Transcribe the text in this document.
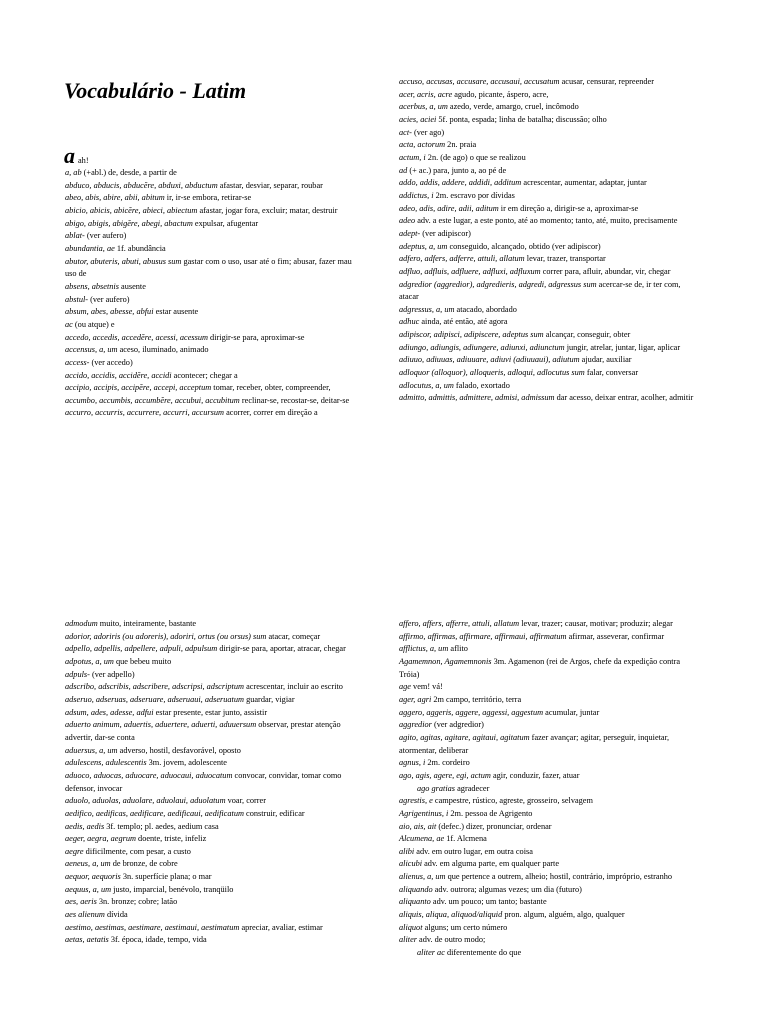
Vocabulário - Latim
aah!
a, ab (+abl.) de, desde, a partir de
abduco, abducis, abducĕre, abduxi, abductum afastar, desviar, separar, roubar
abeo, abis, abire, abii, abitum ir, ir-se embora, retirar-se
abicio, abicis, abicĕre, abieci, abiectum afastar, jogar fora, excluir; matar, destruir
abigo, abigis, abigĕre, abegi, abactum expulsar, afugentar
ablat- (ver aufero)
abundantia, ae 1f. abundância
abutor, abuteris, abuti, abusus sum gastar com o uso, usar até o fim; abusar, fazer mau uso de
absens, absetnis ausente
abstul- (ver aufero)
absum, abes, abesse, abfui estar ausente
ac (ou atque) e
accedo, accedis, accedĕre, acessi, acessum dirigir-se para, aproximar-se
accensus, a, um aceso, iluminado, animado
access- (ver accedo)
accido, accidis, accidĕre, accidi acontecer; chegar a
accipio, accipis, accipĕre, accepi, acceptum tomar, receber, obter, compreender,
accumbo, accumbis, accumbĕre, accubui, accubitum reclinar-se, recostar-se, deitar-se
accurro, accurris, accurrere, accurri, accursum acorrer, correr em direção a
accuso, accusas, accusare, accusaui, accusatum acusar, censurar, repreender
acer, acris, acre agudo, picante, áspero, acre,
acerbus, a, um azedo, verde, amargo, cruel, incômodo
acies, aciei 5f. ponta, espada; linha de batalha; discussão; olho
act- (ver ago)
acta, actorum 2n. praia
actum, i 2n. (de ago) o que se realizou
ad (+ ac.) para, junto a, ao pé de
addo, addis, addere, addidi, additum acrescentar, aumentar, adaptar, juntar
addictus, i 2m. escravo por dívidas
adeo, adis, adire, adii, aditum ir em direção a, dirigir-se a, aproximar-se
adeo adv. a este lugar, a este ponto, até ao momento; tanto, até, muito, precisamente
adept- (ver adipiscor)
adeptus, a, um conseguido, alcançado, obtido (ver adipiscor)
adfero, adfers, adferre, attuli, allatum levar, trazer, transportar
adfluo, adfluis, adfluere, adfluxi, adfluxum correr para, afluir, abundar, vir, chegar
adgredior (aggredior), adgredieris, adgredi, adgressus sum acercar-se de, ir ter com, atacar
adgressus, a, um atacado, abordado
adhuc ainda, até então, até agora
adipiscor, adipisci, adipiscere, adeptus sum alcançar, conseguir, obter
adiungo, adiungis, adiungere, adiunxi, adiunctum jungir, atrelar, juntar, ligar, aplicar
adiuuo, adiuuas, adiuuare, adiuvi (adiuuaui), adiutum ajudar, auxiliar
adloquor (alloquor), alloqueris, adloqui, adlocutus sum falar, conversar
adlocutus, a, um falado, exortado
admitto, admittis, admittere, admisi, admissum dar acesso, deixar entrar, acolher, admitir
admodum muito, inteiramente, bastante
adorior, adoriris (ou adoreris), adoriri, ortus (ou orsus) sum atacar, começar
adpello, adpellis, adpellere, adpuli, adpulsum dirigir-se para, aportar, atracar, chegar
adpotus, a, um que bebeu muito
adpuls- (ver adpello)
adscribo, adscribis, adscribere, adscripsi, adscriptum acrescentar, incluir ao escrito
adseruo, adseruas, adseruare, adseruaui, adseruatum guardar, vigiar
adsum, ades, adesse, adfui estar presente, estar junto, assistir
aduerto animum, aduertis, aduertere, aduerti, aduuersum observar, prestar atenção advertir, dar-se conta
aduersus, a, um adverso, hostil, desfavorável, oposto
adulescens, adulescentis 3m. jovem, adolescente
aduoco, aduocas, aduocare, aduocaui, aduocatum convocar, convidar, tomar como defensor, invocar
aduolo, aduolas, aduolare, aduolaui, aduolatum voar, correr
aedifico, aedificas, aedificare, aedificaui, aedificatum construir, edificar
aedis, aedis 3f. templo; pl. aedes, aedium casa
aeger, aegra, aegrum doente, triste, infeliz
aegre dificilmente, com pesar, a custo
aeneus, a, um de bronze, de cobre
aequor, aequoris 3n. superfície plana; o mar
aequus, a, um justo, imparcial, benévolo, tranqüilo
aes, aeris 3n. bronze; cobre; latão
aes alienum dívida
aestimo, aestimas, aestimare, aestimaui, aestimatum apreciar, avaliar, estimar
aetas, aetatis 3f. época, idade, tempo, vida
affero, affers, afferre, attuli, allatum levar, trazer; causar, motivar; produzir; alegar
affirmo, affirmas, affirmare, affirmaui, affirmatum afirmar, asseverar, confirmar
afflictus, a, um aflito
Agamemnon, Agamemnonis 3m. Agamenon (rei de Argos, chefe da expedição contra Tróia)
age vem! vá!
ager, agri 2m campo, território, terra
aggero, aggeris, aggere, aggessi, aggestum acumular, juntar
aggredior (ver adgredior)
agito, agitas, agitare, agitaui, agitatum fazer avançar; agitar, perseguir, inquietar, atormentar, deliberar
agnus, i 2m. cordeiro
ago, agis, agere, egi, actum agir, conduzir, fazer, atuar
ago gratias agradecer
agrestis, e campestre, rústico, agreste, grosseiro, selvagem
Agrigentinus, i 2m. pessoa de Agrigento
aio, ais, ait (defec.) dizer, pronunciar, ordenar
Alcumena, ae 1f. Alcmena
alibi adv. em outro lugar, em outra coisa
alicubi adv. em alguma parte, em qualquer parte
alienus, a, um que pertence a outrem, alheio; hostil, contrário, impróprio, estranho
aliquando adv. outrora; algumas vezes; um dia (futuro)
aliquanto adv. um pouco; um tanto; bastante
aliquis, aliqua, aliquod/aliquid pron. algum, alguém, algo, qualquer
aliquot alguns; um certo número
aliter adv. de outro modo;
aliter ac diferentemente do que
